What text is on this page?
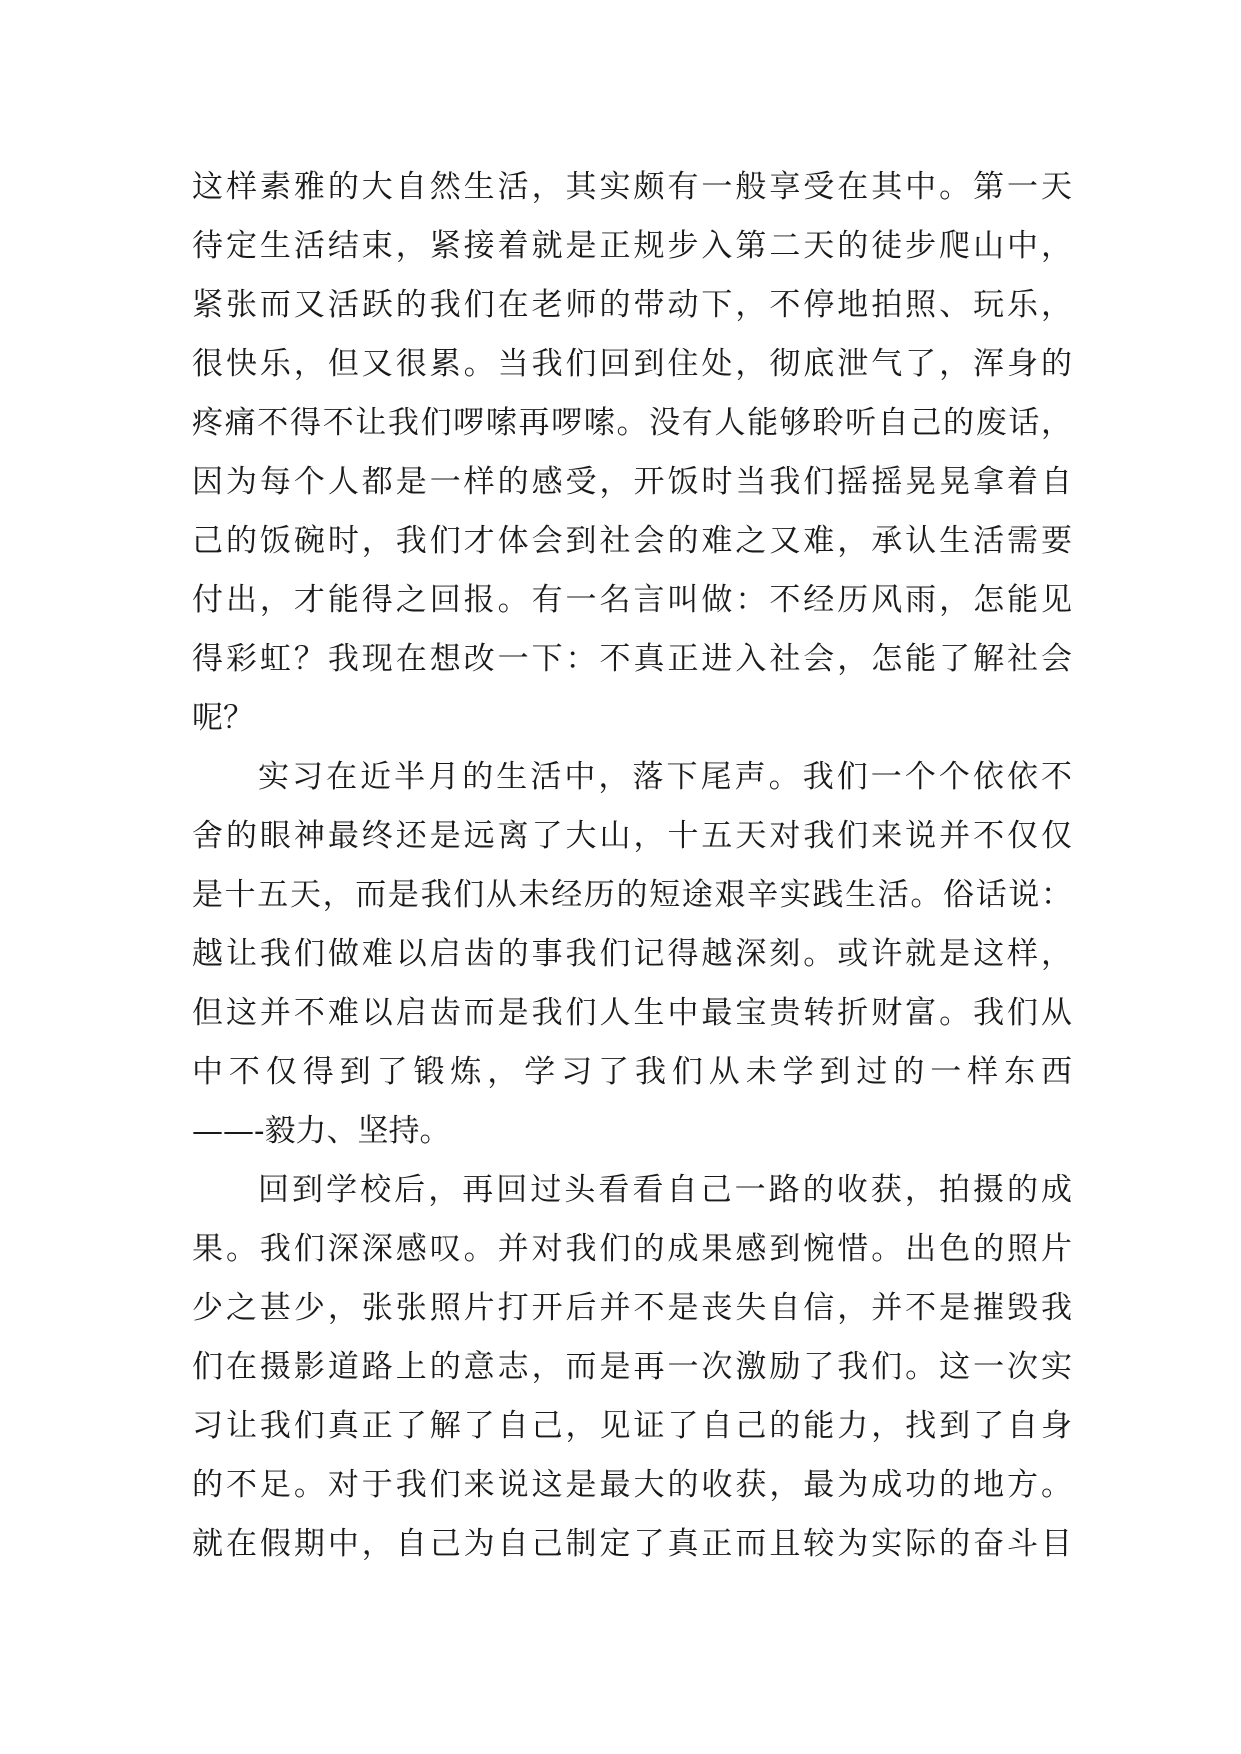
这样素雅的大自然生活，其实颇有一般享受在其中。第一天
待定生活结束，紧接着就是正规步入第二天的徒步爬山中，
紧张而又活跃的我们在老师的带动下，不停地拍照、玩乐，
很快乐，但又很累。当我们回到住处，彻底泄气了，浑身的
疼痛不得不让我们啰嗦再啰嗦。没有人能够聆听自己的废话，
因为每个人都是一样的感受，开饭时当我们摇摇晃晃拿着自
己的饭碗时，我们才体会到社会的难之又难，承认生活需要
付出，才能得之回报。有一名言叫做：不经历风雨，怎能见
得彩虹？我现在想改一下：不真正进入社会，怎能了解社会
呢？
实习在近半月的生活中，落下尾声。我们一个个依依不
舍的眼神最终还是远离了大山，十五天对我们来说并不仅仅
是十五天，而是我们从未经历的短途艰辛实践生活。俗话说：
越让我们做难以启齿的事我们记得越深刻。或许就是这样，
但这并不难以启齿而是我们人生中最宝贵转折财富。我们从
中不仅得到了锻炼，学习了我们从未学到过的一样东西
——-毅力、坚持。
回到学校后，再回过头看看自己一路的收获，拍摄的成
果。我们深深感叹。并对我们的成果感到惋惜。出色的照片
少之甚少，张张照片打开后并不是丧失自信，并不是摧毁我
们在摄影道路上的意志，而是再一次激励了我们。这一次实
习让我们真正了解了自己，见证了自己的能力，找到了自身
的不足。对于我们来说这是最大的收获，最为成功的地方。
就在假期中，自己为自己制定了真正而且较为实际的奋斗目
